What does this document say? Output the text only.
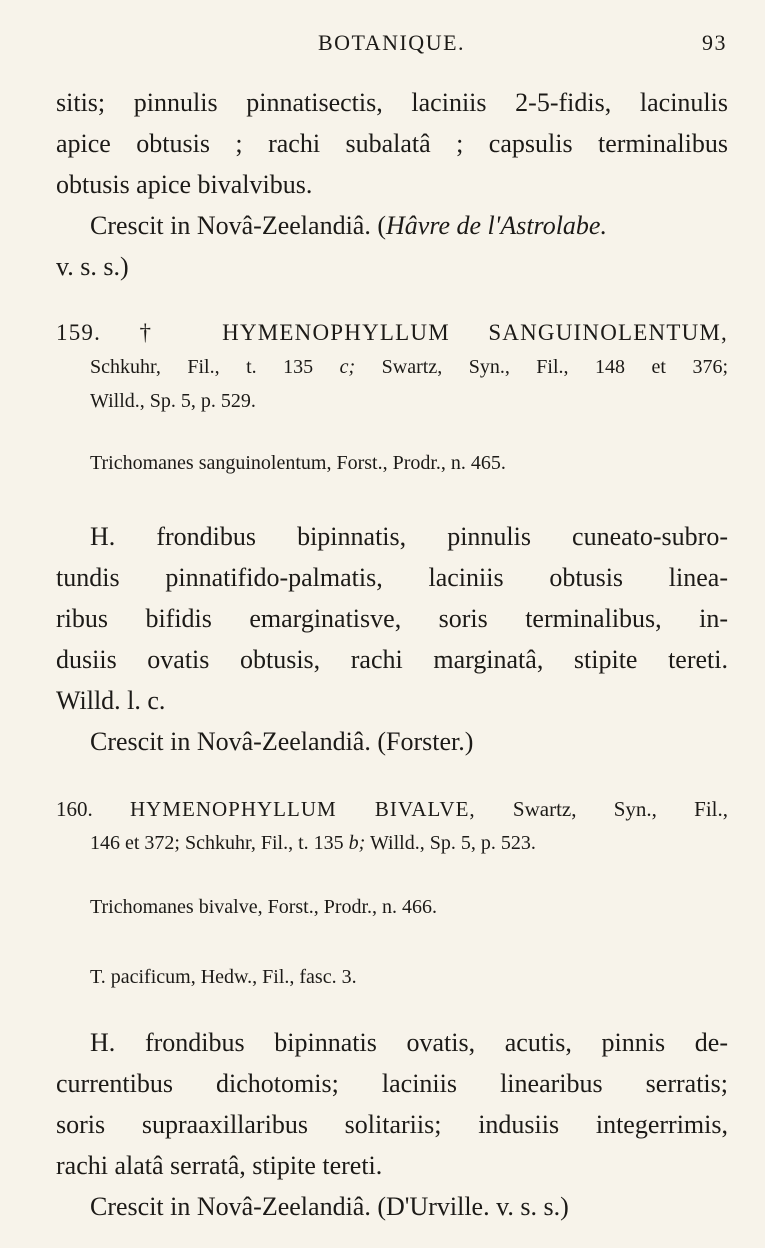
BOTANIQUE.	93
sitis; pinnulis pinnatisectis, laciniis 2-5-fidis, lacinulis
apice obtusis ; rachi subalatâ ; capsulis terminalibus
obtusis apice bivalvibus.
Crescit in Novâ-Zeelandiâ. (Hâvre de l'Astrolabe.
v. s. s.)
159. † HYMENOPHYLLUM SANGUINOLENTUM,
Schkuhr, Fil., t. 135 c; Swartz, Syn., Fil., 148 et 376;
Willd., Sp. 5, p. 529.
Trichomanes sanguinolentum, Forst., Prodr., n. 465.
H. frondibus bipinnatis, pinnulis cuneato-subro-
tundis pinnatifido-palmatis, laciniis obtusis linea-
ribus bifidis emarginatisve, soris terminalibus, in-
dusiis ovatis obtusis, rachi marginatâ, stipite tereti.
Willd. l. c.
Crescit in Novâ-Zeelandiâ. (Forster.)
160. HYMENOPHYLLUM BIVALVE, Swartz, Syn., Fil.,
146 et 372; Schkuhr, Fil., t. 135 b; Willd., Sp. 5, p. 523.
Trichomanes bivalve, Forst., Prodr., n. 466.
T. pacificum, Hedw., Fil., fasc. 3.
H. frondibus bipinnatis ovatis, acutis, pinnis de-
currentibus dichotomis; laciniis linearibus serratis;
soris supraaxillaribus solitariis; indusiis integerrimis,
rachi alatâ serratâ, stipite tereti.
Crescit in Novâ-Zeelandiâ. (D'Urville. v. s. s.)
